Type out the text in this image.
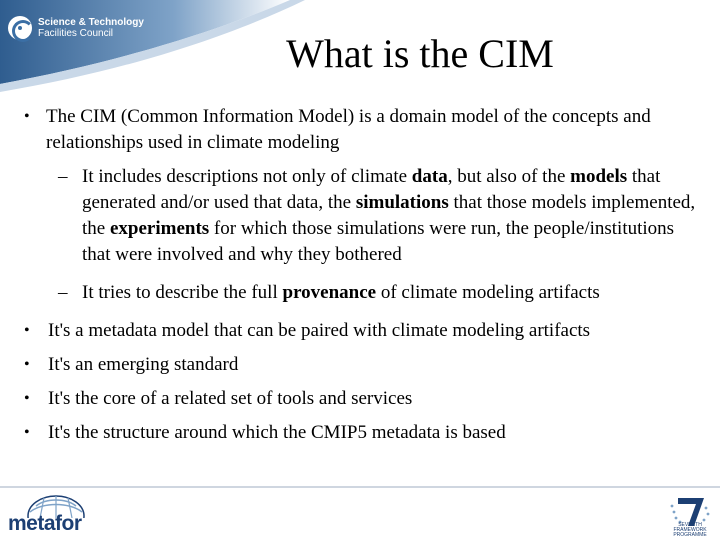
Science & Technology
Facilities Council	What is the CIM
• The CIM (Common Information Model) is a domain model of the concepts and relationships used in climate modeling
– It includes descriptions not only of climate data, but also of the models that generated and/or used that data, the simulations that those models implemented, the experiments for which those simulations were run, the people/institutions that were involved and why they bothered
– It tries to describe the full provenance of climate modeling artifacts
• It's a metadata model that can be paired with climate modeling artifacts
• It's an emerging standard
• It's the core of a related set of tools and services
• It's the structure around which the CMIP5 metadata is based
metafor	SEVENTH FRAMEWORK PROGRAMME
